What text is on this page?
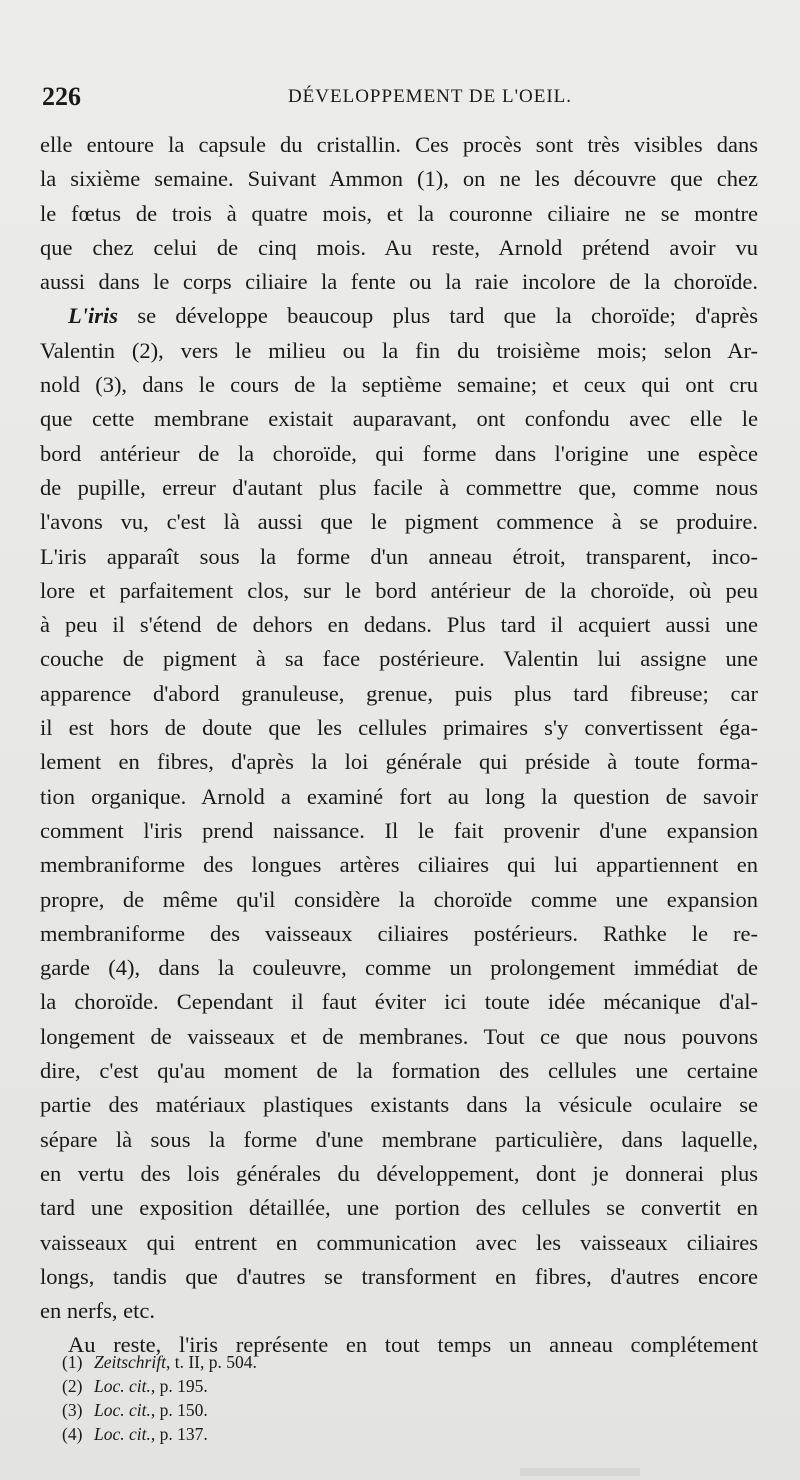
226	DÉVELOPPEMENT DE L'OEIL.
elle entoure la capsule du cristallin. Ces procès sont très visibles dans
la sixième semaine. Suivant Ammon (1), on ne les découvre que chez
le fœtus de trois à quatre mois, et la couronne ciliaire ne se montre
que chez celui de cinq mois. Au reste, Arnold prétend avoir vu
aussi dans le corps ciliaire la fente ou la raie incolore de la choroïde.
L'iris se développe beaucoup plus tard que la choroïde; d'après
Valentin (2), vers le milieu ou la fin du troisième mois; selon Ar-
nold (3), dans le cours de la septième semaine; et ceux qui ont cru
que cette membrane existait auparavant, ont confondu avec elle le
bord antérieur de la choroïde, qui forme dans l'origine une espèce
de pupille, erreur d'autant plus facile à commettre que, comme nous
l'avons vu, c'est là aussi que le pigment commence à se produire.
L'iris apparaît sous la forme d'un anneau étroit, transparent, inco-
lore et parfaitement clos, sur le bord antérieur de la choroïde, où peu
à peu il s'étend de dehors en dedans. Plus tard il acquiert aussi une
couche de pigment à sa face postérieure. Valentin lui assigne une
apparence d'abord granuleuse, grenue, puis plus tard fibreuse; car
il est hors de doute que les cellules primaires s'y convertissent éga-
lement en fibres, d'après la loi générale qui préside à toute forma-
tion organique. Arnold a examiné fort au long la question de savoir
comment l'iris prend naissance. Il le fait provenir d'une expansion
membraniforme des longues artères ciliaires qui lui appartiennent en
propre, de même qu'il considère la choroïde comme une expansion
membraniforme des vaisseaux ciliaires postérieurs. Rathke le re-
garde (4), dans la couleuvre, comme un prolongement immédiat de
la choroïde. Cependant il faut éviter ici toute idée mécanique d'al-
longement de vaisseaux et de membranes. Tout ce que nous pouvons
dire, c'est qu'au moment de la formation des cellules une certaine
partie des matériaux plastiques existants dans la vésicule oculaire se
sépare là sous la forme d'une membrane particulière, dans laquelle,
en vertu des lois générales du développement, dont je donnerai plus
tard une exposition détaillée, une portion des cellules se convertit en
vaisseaux qui entrent en communication avec les vaisseaux ciliaires
longs, tandis que d'autres se transforment en fibres, d'autres encore
en nerfs, etc.
Au reste, l'iris représente en tout temps un anneau complétement
(1) Zeitschrift, t. II, p. 504.
(2) Loc. cit., p. 195.
(3) Loc. cit., p. 150.
(4) Loc. cit., p. 137.
